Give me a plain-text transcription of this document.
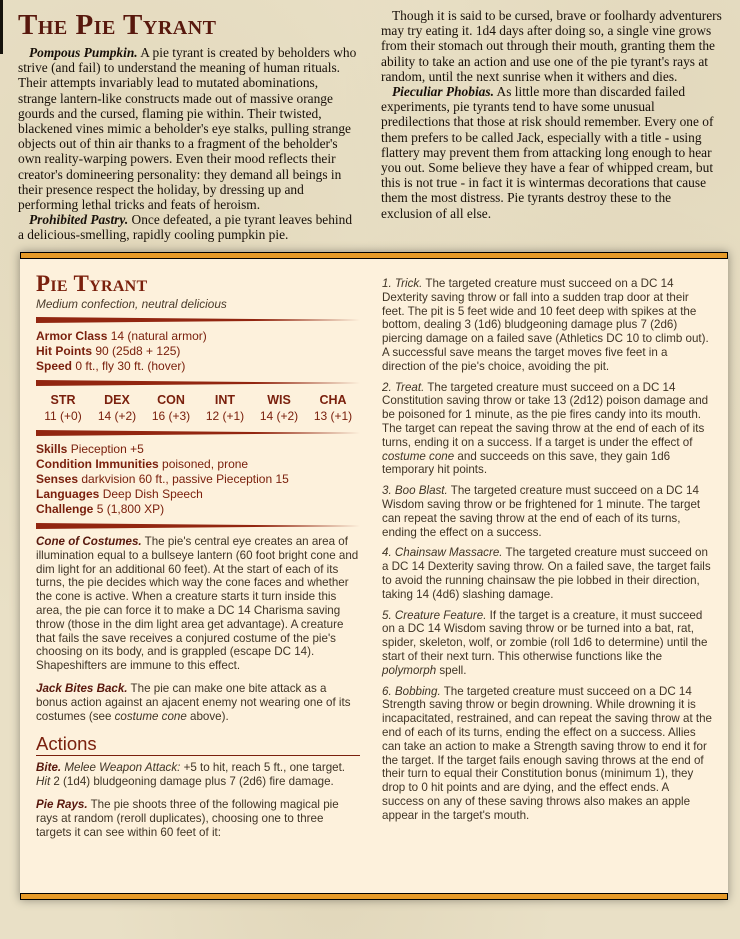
The Pie Tyrant

Pompous Pumpkin. A pie tyrant is created by beholders who strive (and fail) to understand the meaning of human rituals. Their attempts invariably lead to mutated abominations, strange lantern-like constructs made out of massive orange gourds and the cursed, flaming pie within. Their twisted, blackened vines mimic a beholder's eye stalks, pulling strange objects out of thin air thanks to a fragment of the beholder's own reality-warping powers. Even their mood reflects their creator's domineering personality: they demand all beings in their presence respect the holiday, by dressing up and performing lethal tricks and feats of heroism.

Prohibited Pastry. Once defeated, a pie tyrant leaves behind a delicious-smelling, rapidly cooling pumpkin pie.

Though it is said to be cursed, brave or foolhardy adventurers may try eating it. 1d4 days after doing so, a single vine grows from their stomach out through their mouth, granting them the ability to take an action and use one of the pie tyrant's rays at random, until the next sunrise when it withers and dies.

Pieculiar Phobias. As little more than discarded failed experiments, pie tyrants tend to have some unusual predilections that those at risk should remember. Every one of them prefers to be called Jack, especially with a title - using flattery may prevent them from attacking long enough to hear you out. Some believe they have a fear of whipped cream, but this is not true - in fact it is wintermas decorations that cause them the most distress. Pie tyrants destroy these to the exclusion of all else.

Pie Tyrant
Medium confection, neutral delicious
Armor Class 14 (natural armor)
Hit Points 90 (25d8 + 125)
Speed 0 ft., fly 30 ft. (hover)
STR
11 (+0)
DEX
14 (+2)
CON
16 (+3)
INT
12 (+1)
WIS
14 (+2)
CHA
13 (+1)
Skills Pieception +5
Condition Immunities poisoned, prone
Senses darkvision 60 ft., passive Pieception 15
Languages Deep Dish Speech
Challenge 5 (1,800 XP)

Cone of Costumes. The pie's central eye creates an area of illumination equal to a bullseye lantern (60 foot bright cone and dim light for an additional 60 feet). At the start of each of its turns, the pie decides which way the cone faces and whether the cone is active. When a creature starts it turn inside this area, the pie can force it to make a DC 14 Charisma saving throw (those in the dim light area get advantage). A creature that fails the save receives a conjured costume of the pie's choosing on its body, and is grappled (escape DC 14). Shapeshifters are immune to this effect.

Jack Bites Back. The pie can make one bite attack as a bonus action against an ajacent enemy not wearing one of its costumes (see costume cone above).

Actions

Bite. Melee Weapon Attack: +5 to hit, reach 5 ft., one target. Hit 2 (1d4) bludgeoning damage plus 7 (2d6) fire damage.

Pie Rays. The pie shoots three of the following magical pie rays at random (reroll duplicates), choosing one to three targets it can see within 60 feet of it:

1. Trick. The targeted creature must succeed on a DC 14 Dexterity saving throw or fall into a sudden trap door at their feet. The pit is 5 feet wide and 10 feet deep with spikes at the bottom, dealing 3 (1d6) bludgeoning damage plus 7 (2d6) piercing damage on a failed save (Athletics DC 10 to climb out). A successful save means the target moves five feet in a direction of the pie's choice, avoiding the pit.

2. Treat. The targeted creature must succeed on a DC 14 Constitution saving throw or take 13 (2d12) poison damage and be poisoned for 1 minute, as the pie fires candy into its mouth. The target can repeat the saving throw at the end of each of its turns, ending it on a success. If a target is under the effect of costume cone and succeeds on this save, they gain 1d6 temporary hit points.

3. Boo Blast. The targeted creature must succeed on a DC 14 Wisdom saving throw or be frightened for 1 minute. The target can repeat the saving throw at the end of each of its turns, ending the effect on a success.

4. Chainsaw Massacre. The targeted creature must succeed on a DC 14 Dexterity saving throw. On a failed save, the target fails to avoid the running chainsaw the pie lobbed in their direction, taking 14 (4d6) slashing damage.

5. Creature Feature. If the target is a creature, it must succeed on a DC 14 Wisdom saving throw or be turned into a bat, rat, spider, skeleton, wolf, or zombie (roll 1d6 to determine) until the start of their next turn. This otherwise functions like the polymorph spell.

6. Bobbing. The targeted creature must succeed on a DC 14 Strength saving throw or begin drowning. While drowning it is incapacitated, restrained, and can repeat the saving throw at the end of each of its turns, ending the effect on a success. Allies can take an action to make a Strength saving throw to end it for the target. If the target fails enough saving throws at the end of their turn to equal their Constitution bonus (minimum 1), they drop to 0 hit points and are dying, and the effect ends. A success on any of these saving throws also makes an apple appear in the target's mouth.
